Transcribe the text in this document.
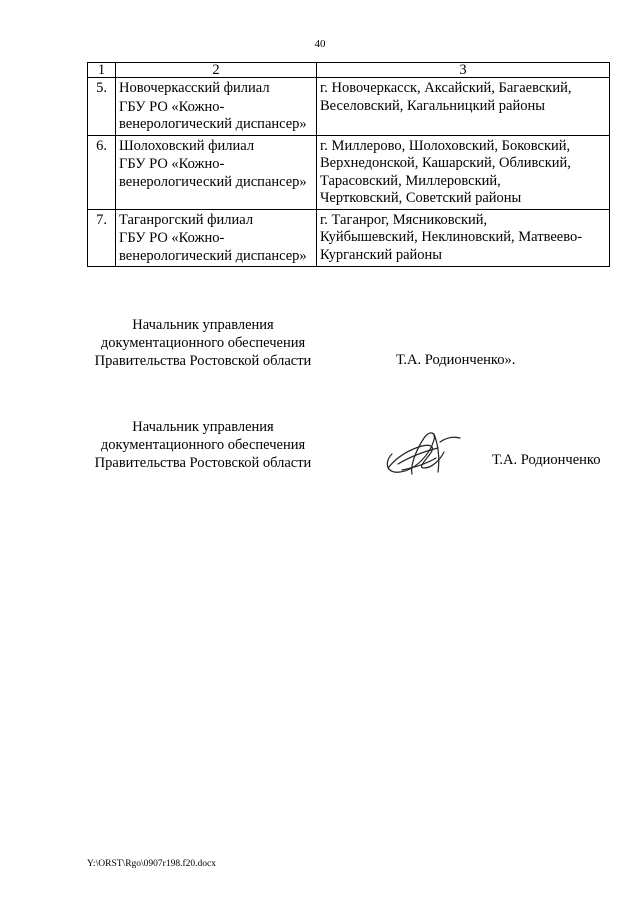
40
1	2	3
5.	Новочеркасский филиал
ГБУ РО «Кожно-
венерологический диспансер»	г. Новочеркасск, Аксайский, Багаевский,
Веселовский, Кагальницкий районы

6.	Шолоховский филиал
ГБУ РО «Кожно-
венерологический диспансер»	г. Миллерово, Шолоховский, Боковский,
Верхнедонской, Кашарский, Обливский,
Тарасовский, Миллеровский,
Чертковский, Советский районы

7.	Таганрогский филиал
ГБУ РО «Кожно-
венерологический диспансер»	г. Таганрог, Мясниковский,
Куйбышевский, Неклиновский, Матвеево-
Курганский районы
Начальник управления
документационного обеспечения
Правительства Ростовской области	Т.А. Родионченко».
Начальник управления
документационного обеспечения
Правительства Ростовской области	Т.А. Родионченко
Y:\ORST\Rgo\0907r198.f20.docx
